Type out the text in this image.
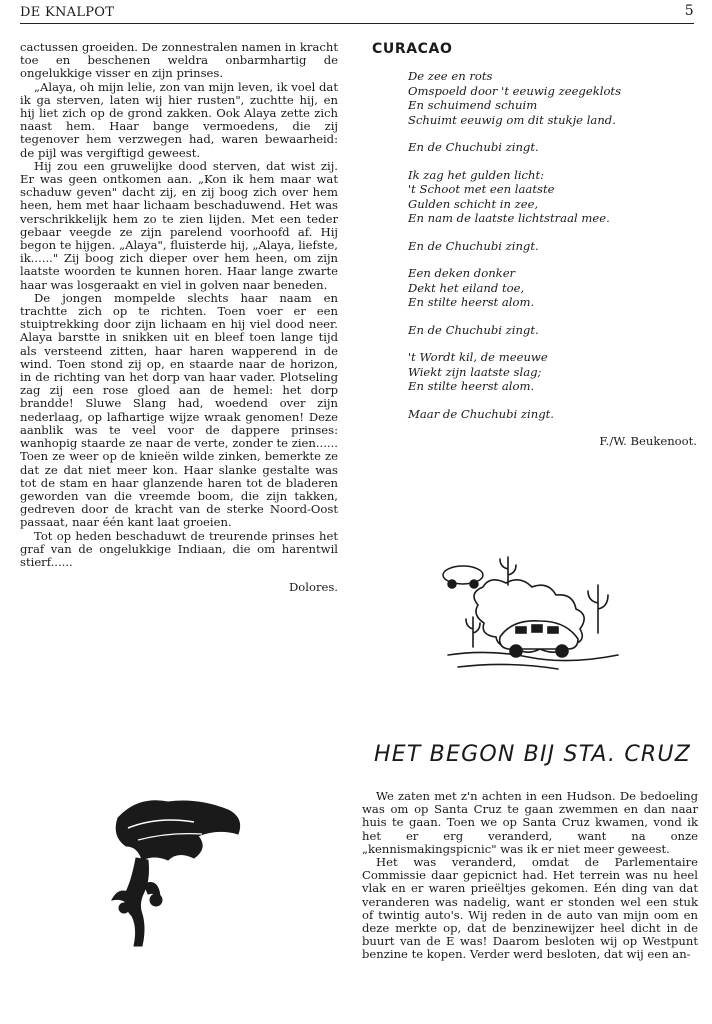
DE KNALPOT	5

cactussen groeiden. De zonnestralen namen in kracht toe en beschenen weldra onbarmhartig de ongelukkige visser en zijn prinses.

„Alaya, oh mijn lelie, zon van mijn leven, ik voel dat ik ga sterven, laten wij hier rusten", zuchtte hij, en hij liet zich op de grond zakken. Ook Alaya zette zich naast hem. Haar bange vermoedens, die zij tegenover hem verzwegen had, waren bewaarheid: de pijl was vergiftigd geweest.

Hij zou een gruwelijke dood sterven, dat wist zij. Er was geen ontkomen aan. „Kon ik hem maar wat schaduw geven" dacht zij, en zij boog zich over hem heen, hem met haar lichaam beschaduwend. Het was verschrikkelijk hem zo te zien lijden. Met een teder gebaar veegde ze zijn parelend voorhoofd af. Hij begon te hijgen. „Alaya", fluisterde hij, „Alaya, liefste, ik......" Zij boog zich dieper over hem heen, om zijn laatste woorden te kunnen horen. Haar lange zwarte haar was losgeraakt en viel in golven naar beneden.

De jongen mompelde slechts haar naam en trachtte zich op te richten. Toen voer er een stuiptrekking door zijn lichaam en hij viel dood neer. Alaya barstte in snikken uit en bleef toen lange tijd als versteend zitten, haar haren wapperend in de wind. Toen stond zij op, en staarde naar de horizon, in de richting van het dorp van haar vader. Plotseling zag zij een rose gloed aan de hemel: het dorp brandde! Sluwe Slang had, woedend over zijn nederlaag, op lafhartige wijze wraak genomen! Deze aanblik was te veel voor de dappere prinses: wanhopig staarde ze naar de verte, zonder te zien...... Toen ze weer op de knieën wilde zinken, bemerkte ze dat ze dat niet meer kon. Haar slanke gestalte was tot de stam en haar glanzende haren tot de bladeren geworden van die vreemde boom, die zijn takken, gedreven door de kracht van de sterke Noord-Oost passaat, naar één kant laat groeien.

Tot op heden beschaduwt de treurende prinses het graf van de ongelukkige Indiaan, die om harentwil stierf......

Dolores.

CURACAO
De zee en rots
Omspoeld door 't eeuwig zeegeklots
En schuimend schuim
Schuimt eeuwig om dit stukje land.
En de Chuchubi zingt.
Ik zag het gulden licht:
't Schoot met een laatste
Gulden schicht in zee,
En nam de laatste lichtstraal mee.
En de Chuchubi zingt.
Een deken donker
Dekt het eiland toe,
En stilte heerst alom.
En de Chuchubi zingt.
't Wordt kil, de meeuwe
Wiekt zijn laatste slag;
En stilte heerst alom.
Maar de Chuchubi zingt.
F./W. Beukenoot.
HET BEGON BIJ STA. CRUZ

We zaten met z'n achten in een Hudson. De bedoeling was om op Santa Cruz te gaan zwemmen en dan naar huis te gaan. Toen we op Santa Cruz kwamen, vond ik het er erg veranderd, want na onze „kennismakingspicnic" was ik er niet meer geweest.

Het was veranderd, omdat de Parlementaire Commissie daar gepicnict had. Het terrein was nu heel vlak en er waren prieëltjes gekomen. Eén ding van dat veranderen was nadelig, want er stonden wel een stuk of twintig auto's. Wij reden in de auto van mijn oom en deze merkte op, dat de benzinewijzer heel dicht in de buurt van de E was! Daarom besloten wij op Westpunt benzine te kopen. Verder werd besloten, dat wij een an-
